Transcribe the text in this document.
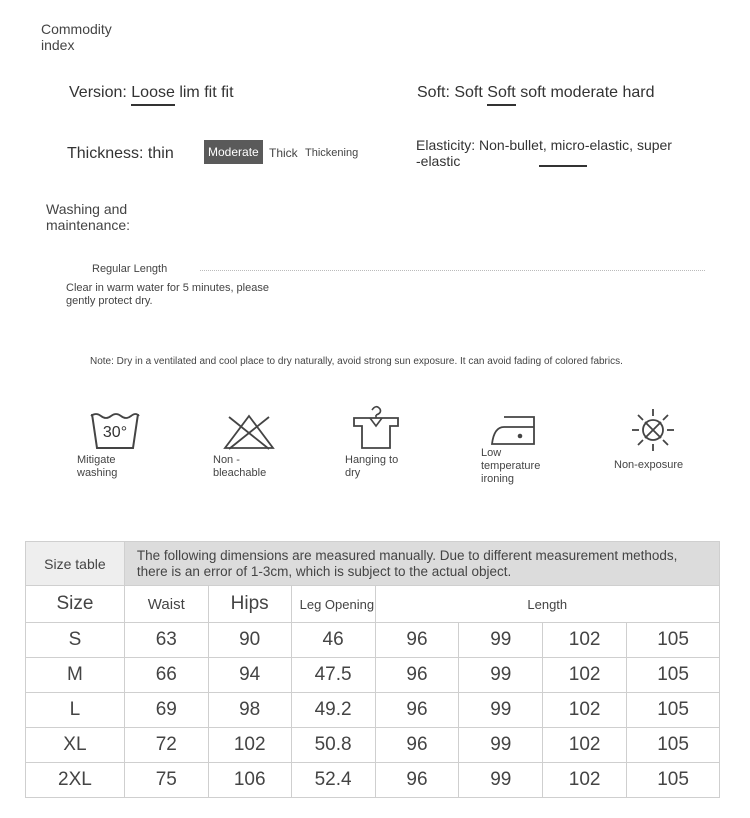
Commodity index
Version: Loose lim fit fit	Soft: Soft Soft soft moderate hard
Thickness: thin	Moderate Thick Thickening	Elasticity: Non-bullet, micro-elastic, super
-elastic
Washing and maintenance:
Regular Length
Clear in warm water for 5 minutes, please gently protect dry.
Note: Dry in a ventilated and cool place to dry naturally, avoid strong sun exposure. It can avoid fading of colored fabrics.
30°
Mitigate washing
Non -bleachable
Hanging to dry
Low temperature ironing
Non-exposure
Size table	The following dimensions are measured manually. Due to different measurement methods, there is an error of 1-3cm, which is subject to the actual object.						
Size	Waist	Hips	Leg Opening	Length			
S	63	90	46	96	99	102	105
M	66	94	47.5	96	99	102	105
L	69	98	49.2	96	99	102	105
XL	72	102	50.8	96	99	102	105
2XL	75	106	52.4	96	99	102	105
